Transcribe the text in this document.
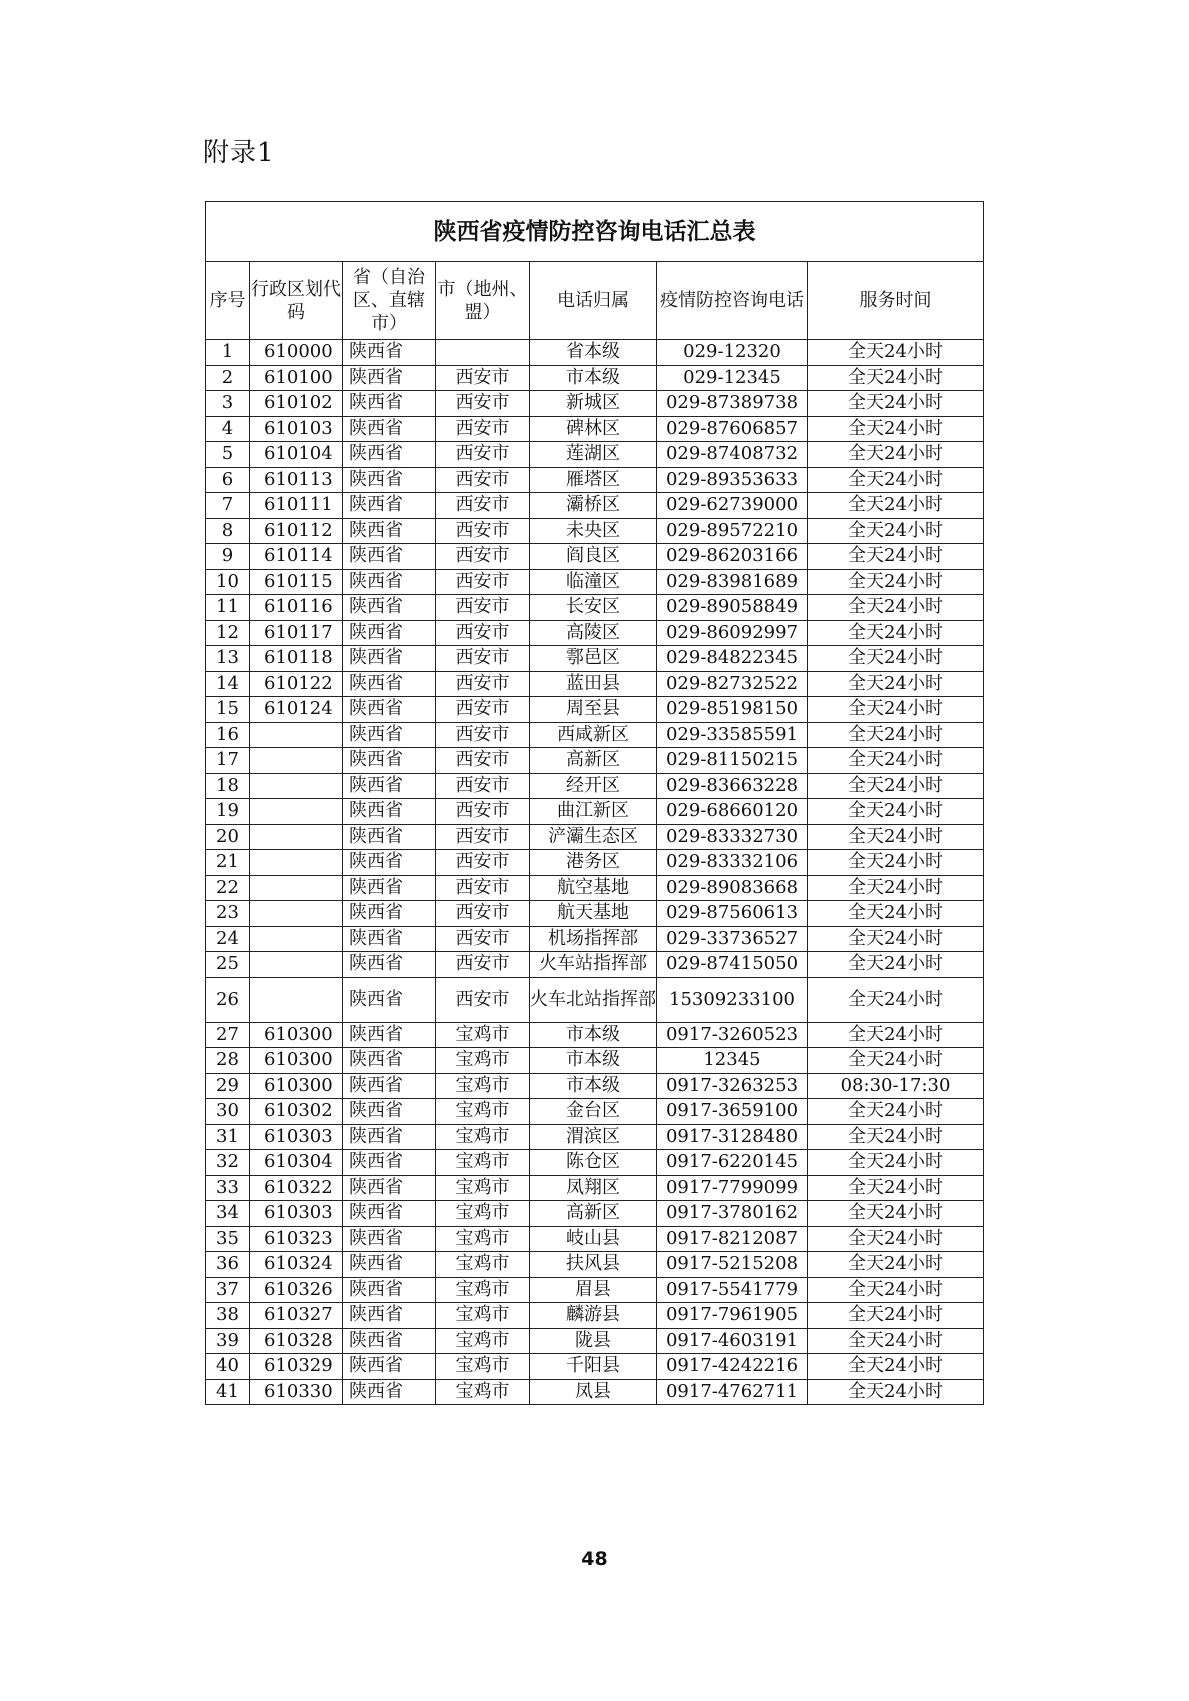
附录1
陕西省疫情防控咨询电话汇总表						
序号	行政区划代码	省（自治区、直辖市）	市（地州、盟）	电话归属	疫情防控咨询电话	服务时间
1	610000	陕西省		省本级	029-12320	全天24小时
2	610100	陕西省	西安市	市本级	029-12345	全天24小时
3	610102	陕西省	西安市	新城区	029-87389738	全天24小时
4	610103	陕西省	西安市	碑林区	029-87606857	全天24小时
5	610104	陕西省	西安市	莲湖区	029-87408732	全天24小时
6	610113	陕西省	西安市	雁塔区	029-89353633	全天24小时
7	610111	陕西省	西安市	灞桥区	029-62739000	全天24小时
8	610112	陕西省	西安市	未央区	029-89572210	全天24小时
9	610114	陕西省	西安市	阎良区	029-86203166	全天24小时
10	610115	陕西省	西安市	临潼区	029-83981689	全天24小时
11	610116	陕西省	西安市	长安区	029-89058849	全天24小时
12	610117	陕西省	西安市	高陵区	029-86092997	全天24小时
13	610118	陕西省	西安市	鄠邑区	029-84822345	全天24小时
14	610122	陕西省	西安市	蓝田县	029-82732522	全天24小时
15	610124	陕西省	西安市	周至县	029-85198150	全天24小时
16		陕西省	西安市	西咸新区	029-33585591	全天24小时
17		陕西省	西安市	高新区	029-81150215	全天24小时
18		陕西省	西安市	经开区	029-83663228	全天24小时
19		陕西省	西安市	曲江新区	029-68660120	全天24小时
20		陕西省	西安市	浐灞生态区	029-83332730	全天24小时
21		陕西省	西安市	港务区	029-83332106	全天24小时
22		陕西省	西安市	航空基地	029-89083668	全天24小时
23		陕西省	西安市	航天基地	029-87560613	全天24小时
24		陕西省	西安市	机场指挥部	029-33736527	全天24小时
25		陕西省	西安市	火车站指挥部	029-87415050	全天24小时
26		陕西省	西安市	火车北站指挥部	15309233100	全天24小时
27	610300	陕西省	宝鸡市	市本级	0917-3260523	全天24小时
28	610300	陕西省	宝鸡市	市本级	12345	全天24小时
29	610300	陕西省	宝鸡市	市本级	0917-3263253	08:30-17:30
30	610302	陕西省	宝鸡市	金台区	0917-3659100	全天24小时
31	610303	陕西省	宝鸡市	渭滨区	0917-3128480	全天24小时
32	610304	陕西省	宝鸡市	陈仓区	0917-6220145	全天24小时
33	610322	陕西省	宝鸡市	凤翔区	0917-7799099	全天24小时
34	610303	陕西省	宝鸡市	高新区	0917-3780162	全天24小时
35	610323	陕西省	宝鸡市	岐山县	0917-8212087	全天24小时
36	610324	陕西省	宝鸡市	扶风县	0917-5215208	全天24小时
37	610326	陕西省	宝鸡市	眉县	0917-5541779	全天24小时
38	610327	陕西省	宝鸡市	麟游县	0917-7961905	全天24小时
39	610328	陕西省	宝鸡市	陇县	0917-4603191	全天24小时
40	610329	陕西省	宝鸡市	千阳县	0917-4242216	全天24小时
41	610330	陕西省	宝鸡市	凤县	0917-4762711	全天24小时
48
